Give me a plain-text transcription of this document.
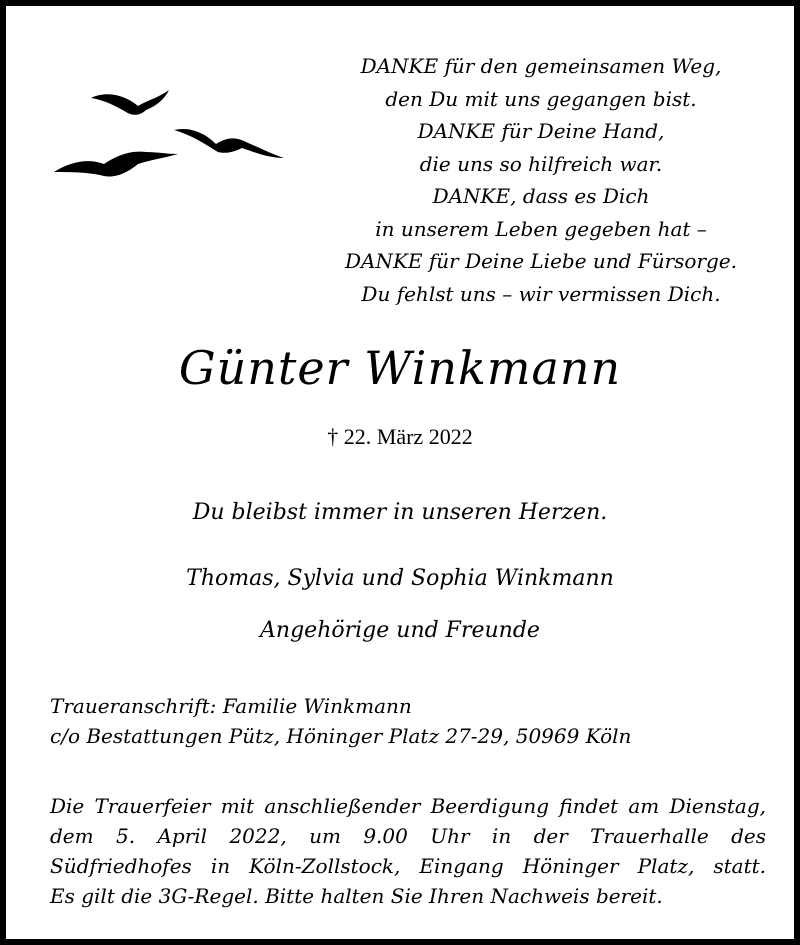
DANKE für den gemeinsamen Weg,
den Du mit uns gegangen bist.
DANKE für Deine Hand,
die uns so hilfreich war.
DANKE, dass es Dich
in unserem Leben gegeben hat –
DANKE für Deine Liebe und Fürsorge.
Du fehlst uns – wir vermissen Dich.
Günter Winkmann
† 22. März 2022
Du bleibst immer in unseren Herzen.
Thomas, Sylvia und Sophia Winkmann
Angehörige und Freunde
Traueranschrift: Familie Winkmann
c/o Bestattungen Pütz, Höninger Platz 27-29, 50969 Köln
Die Trauerfeier mit anschließender Beerdigung findet am Dienstag,
dem 5. April 2022, um 9.00 Uhr in der Trauerhalle des
Südfriedhofes in Köln-Zollstock, Eingang Höninger Platz, statt.
Es gilt die 3G-Regel. Bitte halten Sie Ihren Nachweis bereit.
